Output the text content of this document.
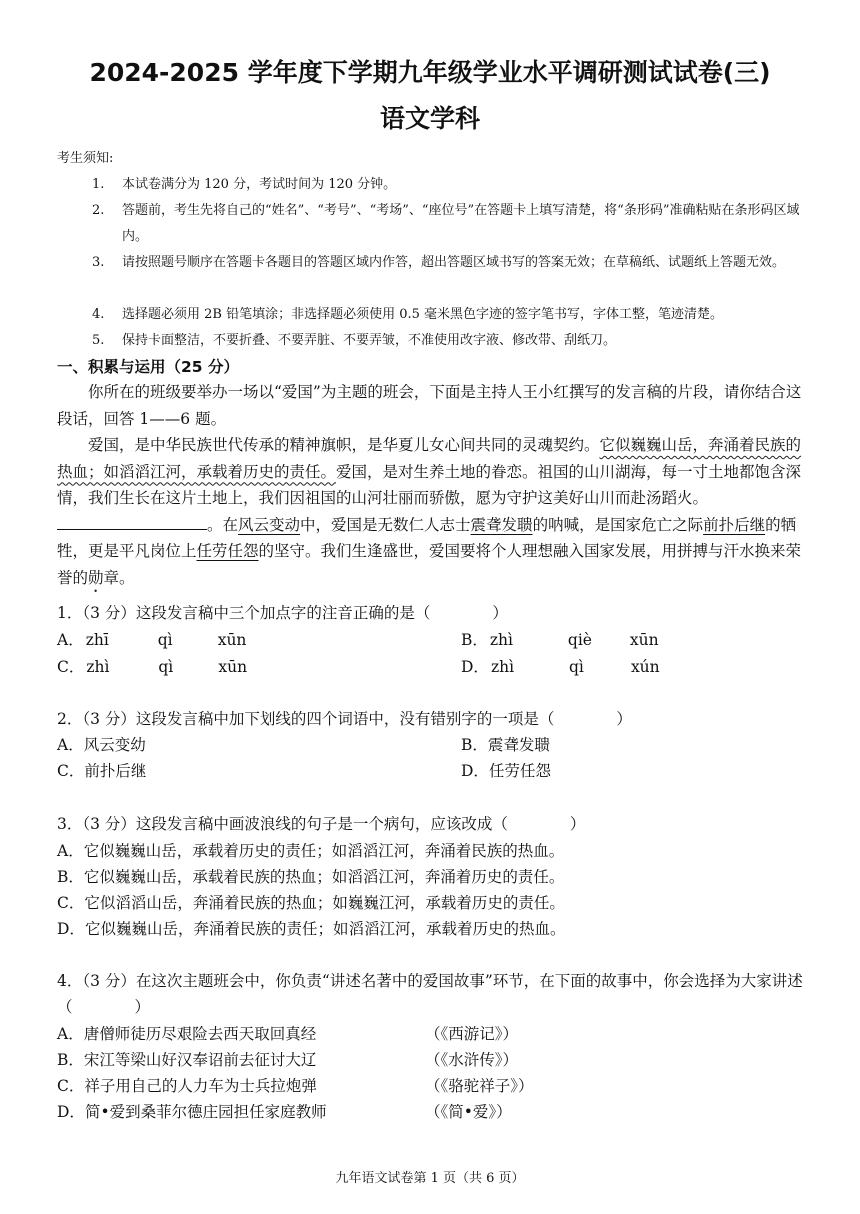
2024-2025 学年度下学期九年级学业水平调研测试试卷(三)
语文学科
考生须知:
1.	本试卷满分为 120 分，考试时间为 120 分钟。
2.	答题前，考生先将自己的“姓名”、“考号”、“考场”、“座位号”在答题卡上填写清楚，将“条形码”准确粘贴在条形码区域内。
3.	请按照题号顺序在答题卡各题目的答题区域内作答，超出答题区域书写的答案无效；在草稿纸、试题纸上答题无效。
4.	选择题必须用 2B 铅笔填涂；非选择题必须使用 0.5 毫米黑色字迹的签字笔书写，字体工整，笔迹清楚。
5.	保持卡面整洁，不要折叠、不要弄脏、不要弄皱，不准使用改字液、修改带、刮纸刀。
一、积累与运用（25 分）
你所在的班级要举办一场以“爱国”为主题的班会，下面是主持人王小红撰写的发言稿的片段，请你结合这段话，回答 1——6 题。
爱国，是中华民族世代传承的精神旗帜，是华夏儿女心间共同的灵魂契约。它似巍巍山岳，奔涌着民族的热血；如滔滔江河，承载着历史的责任。爱国，是对生养土地的眷恋。祖国的山川湖海，每一寸土地都饱含深情，我们生长在这片土地上，我们因祖国的山河壮丽而骄傲，愿为守护这美好山川而赴汤蹈火。。在风云变动中，爱国是无数仁人志士震聋发聩的呐喊，是国家危亡之际前扑后继的牺牲，更是平凡岗位上任劳任怨的坚守。我们生逢盛世，爱国要将个人理想融入国家发展，用拼搏与汗水换来荣誉的勋章。
1．（3 分）这段发言稿中三个加点字的注音正确的是（　　　　）
A． zhī	qì	xūn	B． zhì	qiè xūn
C． zhì	qì	xūn	D． zhì	qì	xún
2．（3 分）这段发言稿中加下划线的四个词语中，没有错别字的一项是（　　　　）
A．风云变幼	B．震聋发聩
C．前扑后继	D．任劳任怨
3．（3 分）这段发言稿中画波浪线的句子是一个病句，应该改成（　　　　）
A．它似巍巍山岳，承载着历史的责任；如滔滔江河，奔涌着民族的热血。
B．它似巍巍山岳，承载着民族的热血；如滔滔江河，奔涌着历史的责任。
C．它似滔滔山岳，奔涌着民族的热血；如巍巍江河，承载着历史的责任。
D．它似巍巍山岳，奔涌着民族的责任；如滔滔江河，承载着历史的热血。
4．（3 分）在这次主题班会中，你负责“讲述名著中的爱国故事”环节，在下面的故事中，你会选择为大家讲述（　　　　）
A．唐僧师徒历尽艰险去西天取回真经	（《西游记》）
B．宋江等梁山好汉奉诏前去征讨大辽	（《水浒传》）
C．祥子用自己的人力车为士兵拉炮弹	（《骆驼祥子》）
D．简•爱到桑菲尔德庄园担任家庭教师	（《简•爱》）
九年语文试卷第 1 页（共 6 页）
